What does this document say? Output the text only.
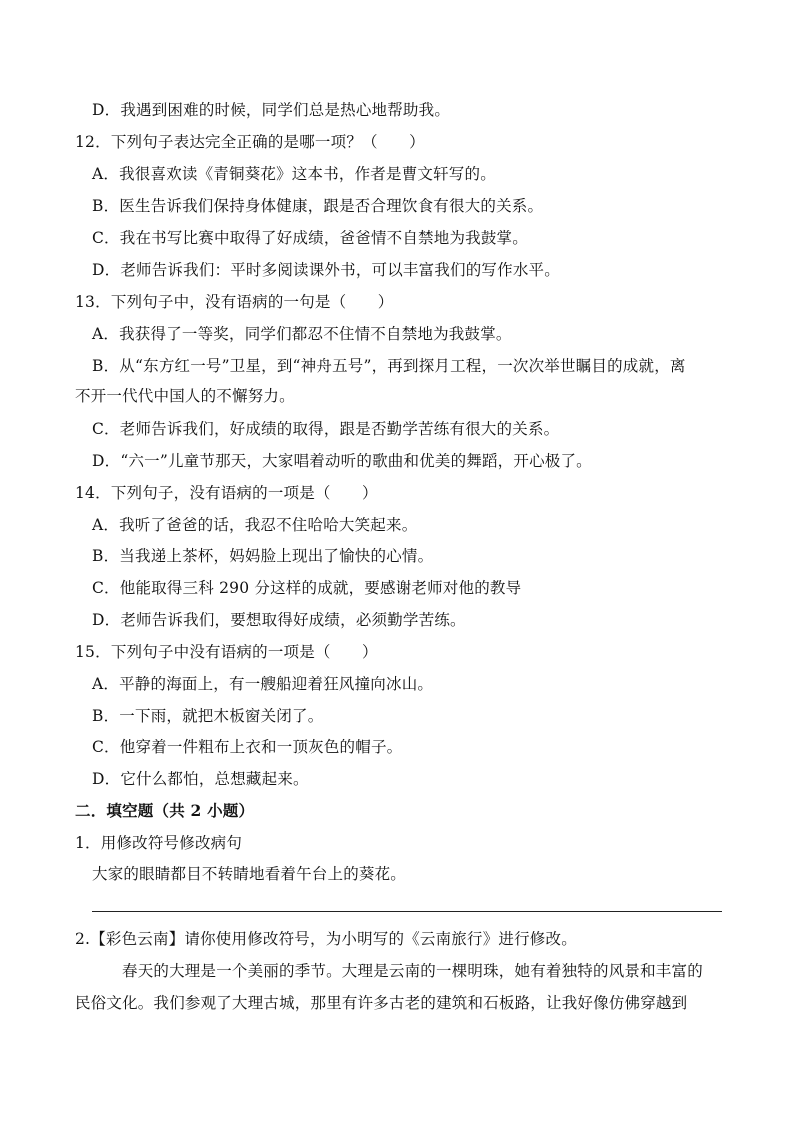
D．我遇到困难的时候，同学们总是热心地帮助我。
12．下列句子表达完全正确的是哪一项？（　　）
A．我很喜欢读《青铜葵花》这本书，作者是曹文轩写的。
B．医生告诉我们保持身体健康，跟是否合理饮食有很大的关系。
C．我在书写比赛中取得了好成绩，爸爸情不自禁地为我鼓掌。
D．老师告诉我们：平时多阅读课外书，可以丰富我们的写作水平。
13．下列句子中，没有语病的一句是（　　）
A．我获得了一等奖，同学们都忍不住情不自禁地为我鼓掌。
B．从“东方红一号”卫星，到“神舟五号”，再到探月工程，一次次举世瞩目的成就，离
不开一代代中国人的不懈努力。
C．老师告诉我们，好成绩的取得，跟是否勤学苦练有很大的关系。
D．“六一”儿童节那天，大家唱着动听的歌曲和优美的舞蹈，开心极了。
14．下列句子，没有语病的一项是（　　）
A．我听了爸爸的话，我忍不住哈哈大笑起来。
B．当我递上茶杯，妈妈脸上现出了愉快的心情。
C．他能取得三科 290 分这样的成就，要感谢老师对他的教导
D．老师告诉我们，要想取得好成绩，必须勤学苦练。
15．下列句子中没有语病的一项是（　　）
A．平静的海面上，有一艘船迎着狂风撞向冰山。
B．一下雨，就把木板窗关闭了。
C．他穿着一件粗布上衣和一顶灰色的帽子。
D．它什么都怕，总想藏起来。
二．填空题（共 2 小题）
1．用修改符号修改病句
大家的眼睛都目不转睛地看着午台上的葵花。
2.【彩色云南】请你使用修改符号，为小明写的《云南旅行》进行修改。
春天的大理是一个美丽的季节。大理是云南的一棵明珠，她有着独特的风景和丰富的
民俗文化。我们参观了大理古城，那里有许多古老的建筑和石板路，让我好像仿佛穿越到
